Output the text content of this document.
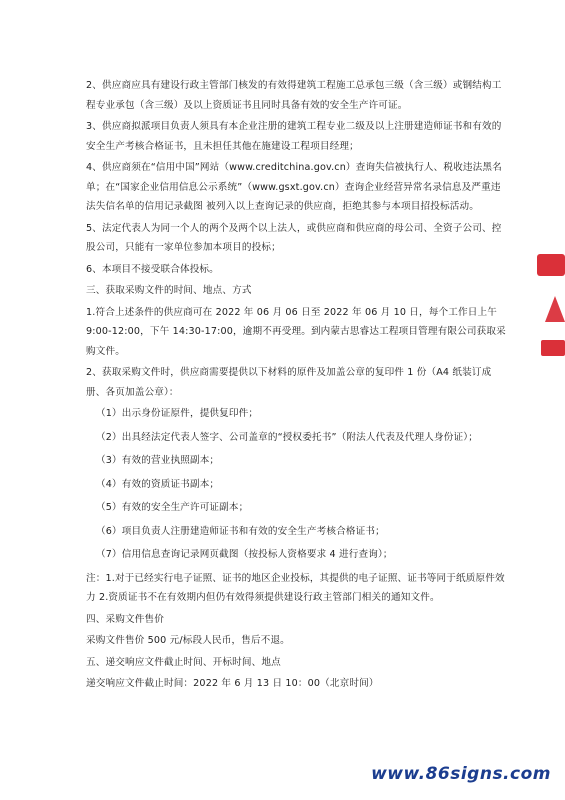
2、供应商应具有建设行政主管部门核发的有效得建筑工程施工总承包三级（含三级）或钢结构工程专业承包（含三级）及以上资质证书且同时具备有效的安全生产许可证。

3、供应商拟派项目负责人须具有本企业注册的建筑工程专业二级及以上注册建造师证书和有效的安全生产考核合格证书，且未担任其他在施建设工程项目经理；

4、供应商须在“信用中国”网站（www.creditchina.gov.cn）查询失信被执行人、税收违法黑名单；在“国家企业信用信息公示系统”（www.gsxt.gov.cn）查询企业经营异常名录信息及严重违法失信名单的信用记录截图 被列入以上查询记录的供应商，拒绝其参与本项目招投标活动。

5、法定代表人为同一个人的两个及两个以上法人，或供应商和供应商的母公司、全资子公司、控股公司，只能有一家单位参加本项目的投标；

6、本项目不接受联合体投标。

三、获取采购文件的时间、地点、方式

1.符合上述条件的供应商可在 2022 年 06 月 06 日至 2022 年 06 月 10 日，每个工作日上午 9:00-12:00，下午 14:30-17:00，逾期不再受理。到内蒙古思睿达工程项目管理有限公司获取采购文件。

2、获取采购文件时，供应商需要提供以下材料的原件及加盖公章的复印件 1 份（A4 纸装订成册、各页加盖公章）：

（1）出示身份证原件，提供复印件；

（2）出具经法定代表人签字、公司盖章的“授权委托书”（附法人代表及代理人身份证）；

（3）有效的营业执照副本；

（4）有效的资质证书副本；

（5）有效的安全生产许可证副本；

（6）项目负责人注册建造师证书和有效的安全生产考核合格证书；

（7）信用信息查询记录网页截图（按投标人资格要求 4 进行查询）；

注：1.对于已经实行电子证照、证书的地区企业投标，其提供的电子证照、证书等同于纸质原件效力 2.资质证书不在有效期内但仍有效得须提供建设行政主管部门相关的通知文件。

四、采购文件售价

采购文件售价 500 元/标段人民币，售后不退。

五、递交响应文件截止时间、开标时间、地点

递交响应文件截止时间：2022 年 6 月 13 日 10：00（北京时间）

www.86signs.com
